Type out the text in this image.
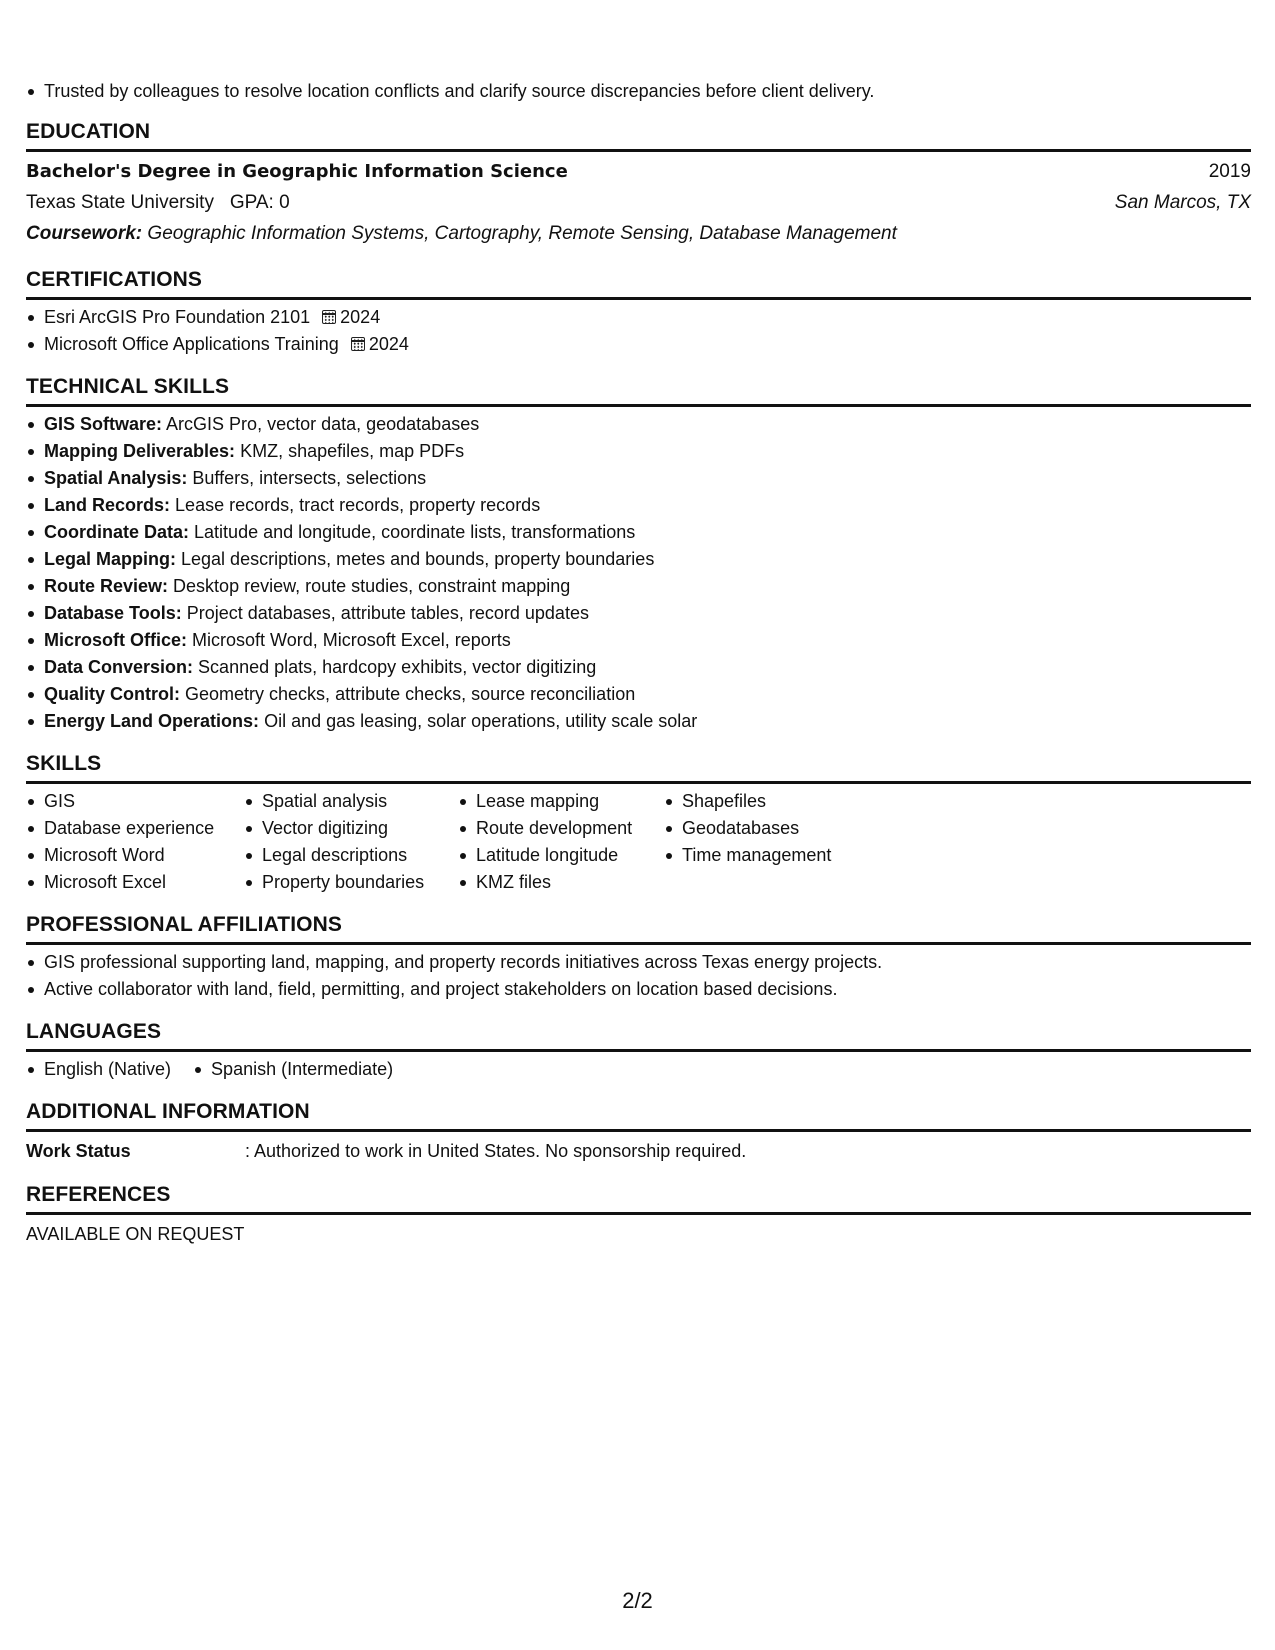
Trusted by colleagues to resolve location conflicts and clarify source discrepancies before client delivery.
EDUCATION
Bachelor's Degree in Geographic Information Science	2019
Texas State University GPA: 0	San Marcos, TX
Coursework: Geographic Information Systems, Cartography, Remote Sensing, Database Management
CERTIFICATIONS
Esri ArcGIS Pro Foundation 2101 2024
Microsoft Office Applications Training 2024
TECHNICAL SKILLS
GIS Software: ArcGIS Pro, vector data, geodatabases
Mapping Deliverables: KMZ, shapefiles, map PDFs
Spatial Analysis: Buffers, intersects, selections
Land Records: Lease records, tract records, property records
Coordinate Data: Latitude and longitude, coordinate lists, transformations
Legal Mapping: Legal descriptions, metes and bounds, property boundaries
Route Review: Desktop review, route studies, constraint mapping
Database Tools: Project databases, attribute tables, record updates
Microsoft Office: Microsoft Word, Microsoft Excel, reports
Data Conversion: Scanned plats, hardcopy exhibits, vector digitizing
Quality Control: Geometry checks, attribute checks, source reconciliation
Energy Land Operations: Oil and gas leasing, solar operations, utility scale solar
SKILLS
GIS
Database experience
Microsoft Word
Microsoft Excel
Spatial analysis
Vector digitizing
Legal descriptions
Property boundaries
Lease mapping
Route development
Latitude longitude
KMZ files
Shapefiles
Geodatabases
Time management
PROFESSIONAL AFFILIATIONS
GIS professional supporting land, mapping, and property records initiatives across Texas energy projects.
Active collaborator with land, field, permitting, and project stakeholders on location based decisions.
LANGUAGES
English (Native)	Spanish (Intermediate)
ADDITIONAL INFORMATION
Work Status	: Authorized to work in United States. No sponsorship required.
REFERENCES
AVAILABLE ON REQUEST
2/2
